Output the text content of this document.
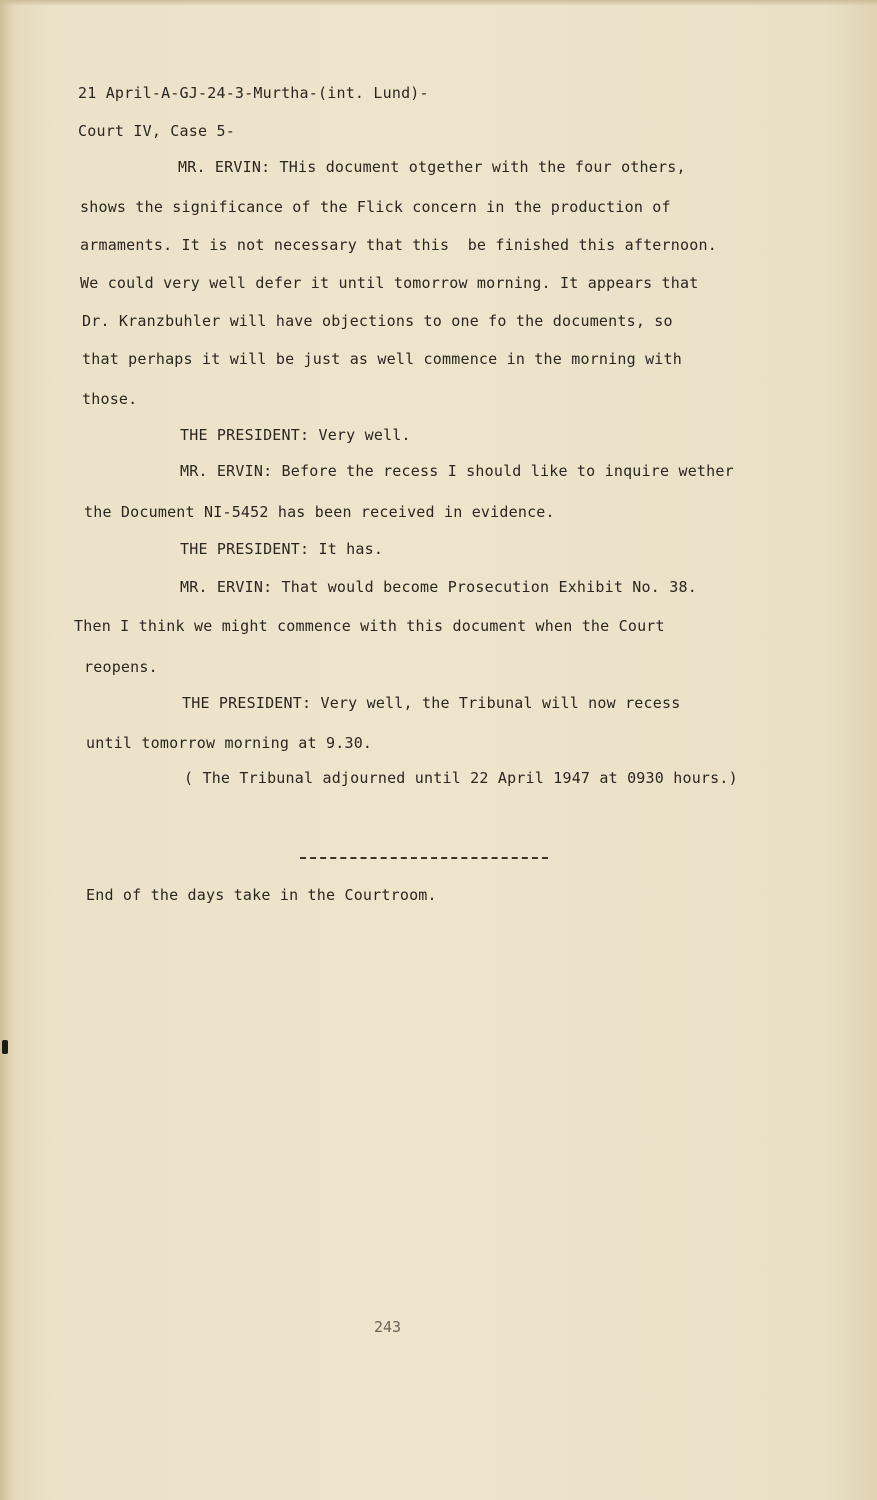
21 April-A-GJ-24-3-Murtha-(int. Lund)-
Court IV, Case 5-
MR. ERVIN: THis document otgether with the four others,
shows the significance of the Flick concern in the production of
armaments. It is not necessary that this  be finished this afternoon.
We could very well defer it until tomorrow morning. It appears that
Dr. Kranzbuhler will have objections to one fo the documents, so
that perhaps it will be just as well commence in the morning with
those.
THE PRESIDENT: Very well.
MR. ERVIN: Before the recess I should like to inquire wether
the Document NI-5452 has been received in evidence.
THE PRESIDENT: It has.
MR. ERVIN: That would become Prosecution Exhibit No. 38.
Then I think we might commence with this document when the Court
reopens.
THE PRESIDENT: Very well, the Tribunal will now recess
until tomorrow morning at 9.30.
( The Tribunal adjourned until 22 April 1947 at 0930 hours.)
End of the days take in the Courtroom.
243
